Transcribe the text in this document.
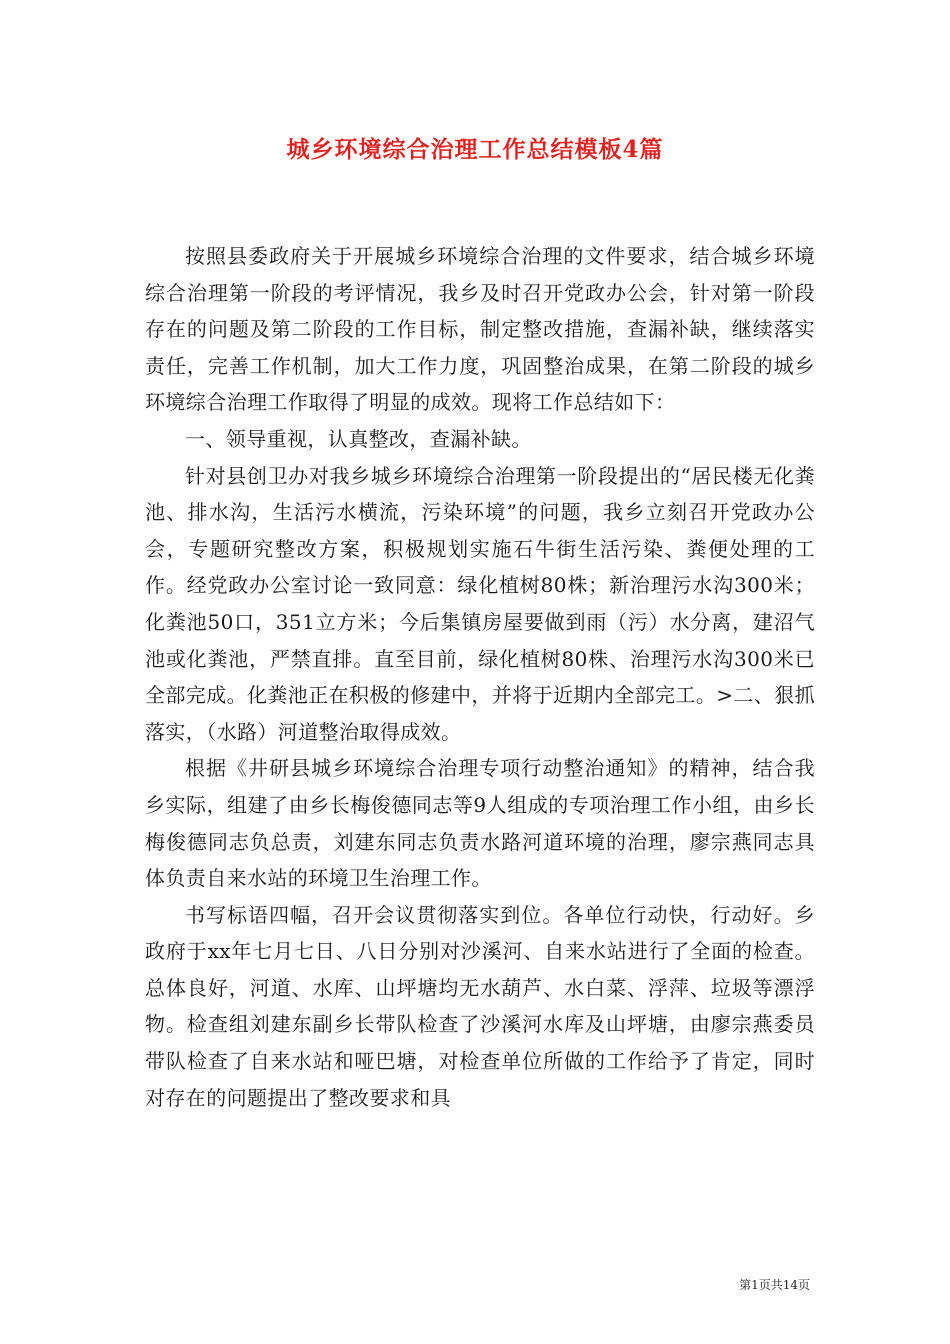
城乡环境综合治理工作总结模板4篇

按照县委政府关于开展城乡环境综合治理的文件要求，结合城乡环境综合治理第一阶段的考评情况，我乡及时召开党政办公会，针对第一阶段存在的问题及第二阶段的工作目标，制定整改措施，查漏补缺，继续落实责任，完善工作机制，加大工作力度，巩固整治成果，在第二阶段的城乡环境综合治理工作取得了明显的成效。现将工作总结如下：

一、领导重视，认真整改，查漏补缺。

针对县创卫办对我乡城乡环境综合治理第一阶段提出的“居民楼无化粪池、排水沟，生活污水横流，污染环境”的问题，我乡立刻召开党政办公会，专题研究整改方案，积极规划实施石牛街生活污染、粪便处理的工作。经党政办公室讨论一致同意：绿化植树80株；新治理污水沟300米；化粪池50口，351立方米；今后集镇房屋要做到雨（污）水分离，建沼气池或化粪池，严禁直排。直至目前，绿化植树80株、治理污水沟300米已全部完成。化粪池正在积极的修建中，并将于近期内全部完工。>二、狠抓落实，（水路）河道整治取得成效。

根据《井研县城乡环境综合治理专项行动整治通知》的精神，结合我乡实际，组建了由乡长梅俊德同志等9人组成的专项治理工作小组，由乡长梅俊德同志负总责，刘建东同志负责水路河道环境的治理，廖宗燕同志具体负责自来水站的环境卫生治理工作。

书写标语四幅，召开会议贯彻落实到位。各单位行动快，行动好。乡政府于xx年七月七日、八日分别对沙溪河、自来水站进行了全面的检查。总体良好，河道、水库、山坪塘均无水葫芦、水白菜、浮萍、垃圾等漂浮物。检查组刘建东副乡长带队检查了沙溪河水库及山坪塘，由廖宗燕委员带队检查了自来水站和哑巴塘，对检查单位所做的工作给予了肯定，同时对存在的问题提出了整改要求和具

第1页共14页
